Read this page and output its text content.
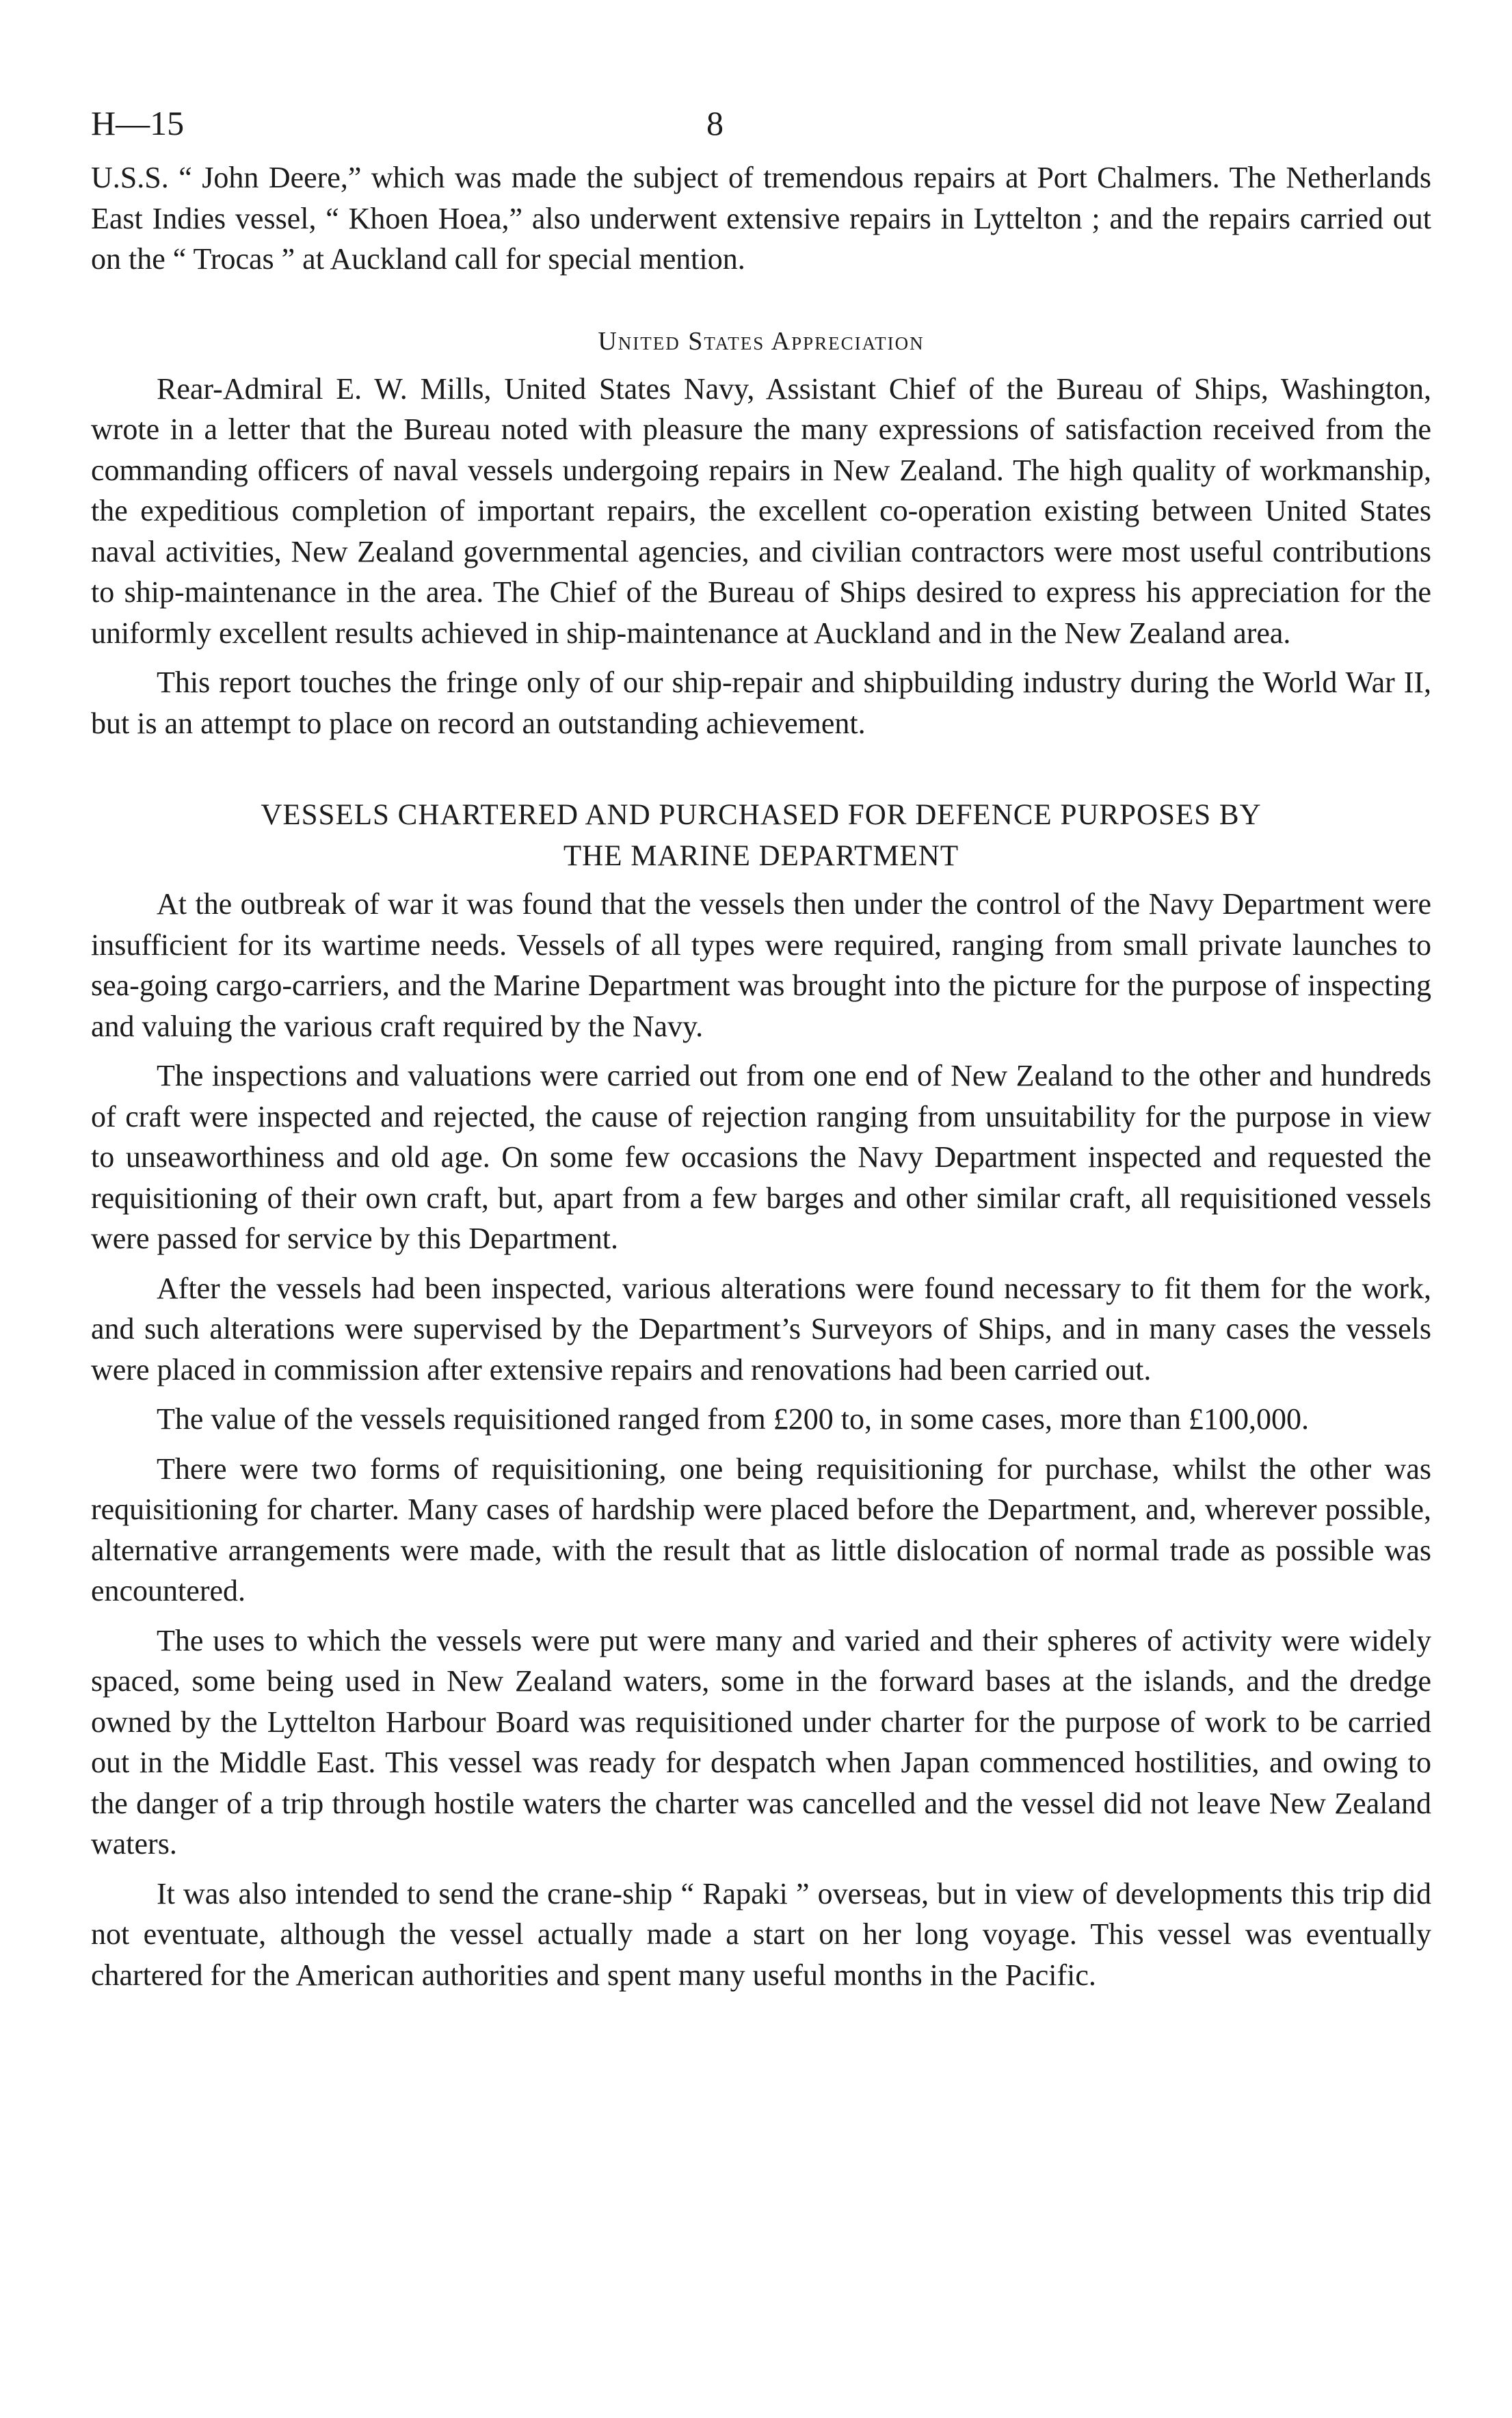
H—15	8

U.S.S. “ John Deere,” which was made the subject of tremendous repairs at Port Chalmers. The Netherlands East Indies vessel, “ Khoen Hoea,” also underwent extensive repairs in Lyttelton ; and the repairs carried out on the “ Trocas ” at Auckland call for special mention.

United States Appreciation

Rear-Admiral E. W. Mills, United States Navy, Assistant Chief of the Bureau of Ships, Washington, wrote in a letter that the Bureau noted with pleasure the many expressions of satisfaction received from the commanding officers of naval vessels undergoing repairs in New Zealand. The high quality of workmanship, the expeditious completion of important repairs, the excellent co-operation existing between United States naval activities, New Zealand governmental agencies, and civilian contractors were most useful contributions to ship-maintenance in the area. The Chief of the Bureau of Ships desired to express his appreciation for the uniformly excellent results achieved in ship-maintenance at Auckland and in the New Zealand area.

This report touches the fringe only of our ship-repair and shipbuilding industry during the World War II, but is an attempt to place on record an outstanding achievement.

VESSELS CHARTERED AND PURCHASED FOR DEFENCE PURPOSES BY
THE MARINE DEPARTMENT

At the outbreak of war it was found that the vessels then under the control of the Navy Department were insufficient for its wartime needs. Vessels of all types were required, ranging from small private launches to sea-going cargo-carriers, and the Marine Department was brought into the picture for the purpose of inspecting and valuing the various craft required by the Navy.

The inspections and valuations were carried out from one end of New Zealand to the other and hundreds of craft were inspected and rejected, the cause of rejection ranging from unsuitability for the purpose in view to unseaworthiness and old age. On some few occasions the Navy Department inspected and requested the requisitioning of their own craft, but, apart from a few barges and other similar craft, all requisitioned vessels were passed for service by this Department.

After the vessels had been inspected, various alterations were found necessary to fit them for the work, and such alterations were supervised by the Department’s Surveyors of Ships, and in many cases the vessels were placed in commission after extensive repairs and renovations had been carried out.

The value of the vessels requisitioned ranged from £200 to, in some cases, more than £100,000.

There were two forms of requisitioning, one being requisitioning for purchase, whilst the other was requisitioning for charter. Many cases of hardship were placed before the Department, and, wherever possible, alternative arrangements were made, with the result that as little dislocation of normal trade as possible was encountered.

The uses to which the vessels were put were many and varied and their spheres of activity were widely spaced, some being used in New Zealand waters, some in the forward bases at the islands, and the dredge owned by the Lyttelton Harbour Board was requisitioned under charter for the purpose of work to be carried out in the Middle East. This vessel was ready for despatch when Japan commenced hostilities, and owing to the danger of a trip through hostile waters the charter was cancelled and the vessel did not leave New Zealand waters.

It was also intended to send the crane-ship “ Rapaki ” overseas, but in view of developments this trip did not eventuate, although the vessel actually made a start on her long voyage. This vessel was eventually chartered for the American authorities and spent many useful months in the Pacific.
